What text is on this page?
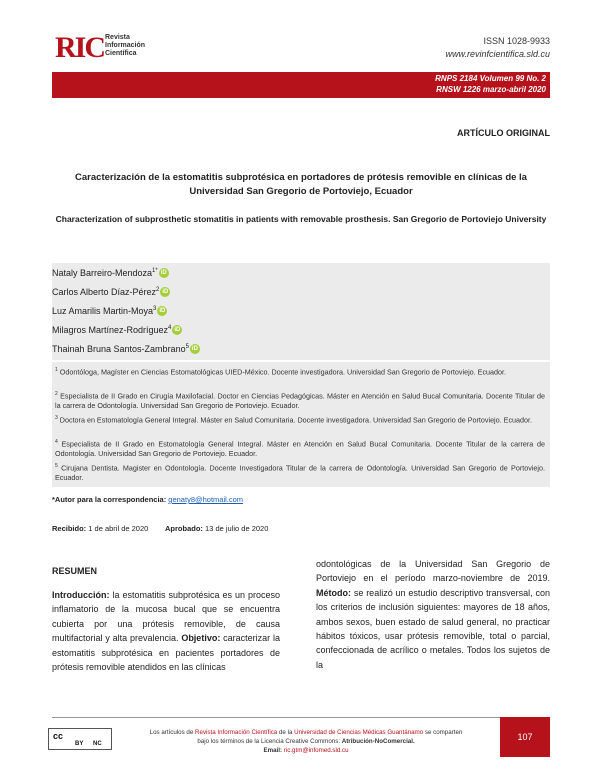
RIC Revista
Información
Científica
ISSN 1028-9933
www.revinfcientifica.sld.cu
RNPS 2184 Volumen 99 No. 2
RNSW 1226 marzo-abril 2020
ARTÍCULO ORIGINAL
Caracterización de la estomatitis subprotésica en portadores de prótesis removible en clínicas de la Universidad San Gregorio de Portoviejo, Ecuador
Characterization of subprosthetic stomatitis in patients with removable prosthesis. San Gregorio de Portoviejo University
Nataly Barreiro-Mendoza$^{1*}$ iD
Carlos Alberto Díaz-Pérez$^2$ iD
Luz Amarilis Martin-Moya$^3$ iD
Milagros Martínez-Rodríguez$^4$ iD
Thainah Bruna Santos-Zambrano$^5$ iD
$^1$ Odontóloga, Magíster en Ciencias Estomatológicas UIED-México. Docente investigadora. Universidad San Gregorio de Portoviejo. Ecuador.
$^2$ Especialista de II Grado en Cirugía Maxilofacial. Doctor en Ciencias Pedagógicas. Máster en Atención en Salud Bucal Comunitaria. Docente Titular de la carrera de Odontología. Universidad San Gregorio de Portoviejo. Ecuador.
$^3$ Doctora en Estomatología General Integral. Máster en Salud Comunitaria. Docente investigadora. Universidad San Gregorio de Portoviejo. Ecuador.
$^4$ Especialista de II Grado en Estomatología General Integral. Máster en Atención en Salud Bucal Comunitaria. Docente Titular de la carrera de Odontología. Universidad San Gregorio de Portoviejo. Ecuador.
$^5$ Cirujana Dentista. Magister en Odontología. Docente Investigadora Titular de la carrera de Odontología. Universidad San Gregorio de Portoviejo. Ecuador.
*Autor para la correspondencia: genaty8@hotmail.com
Recibido: 1 de abril de 2020 Aprobado: 13 de julio de 2020
RESUMEN
Introducción: la estomatitis subprotésica es un proceso inflamatorio de la mucosa bucal que se encuentra cubierta por una prótesis removible, de causa multifactorial y alta prevalencia. Objetivo: caracterizar la estomatitis subprotésica en pacientes portadores de prótesis removible atendidos en las clínicas
odontológicas de la Universidad San Gregorio de Portoviejo en el período marzo-noviembre de 2019. Método: se realizó un estudio descriptivo transversal, con los criterios de inclusión siguientes: mayores de 18 años, ambos sexos, buen estado de salud general, no practicar hábitos tóxicos, usar prótesis removible, total o parcial, confeccionada de acrílico o metales. Todos los sujetos de la
cc
BY NC
Los artículos de Revista Información Científica de la Universidad de Ciencias Médicas Guantánamo se comparten
bajo los términos de la Licencia Creative Commons: Atribución-NoComercial.
Email: ric.gtm@infomed.sld.cu
107
